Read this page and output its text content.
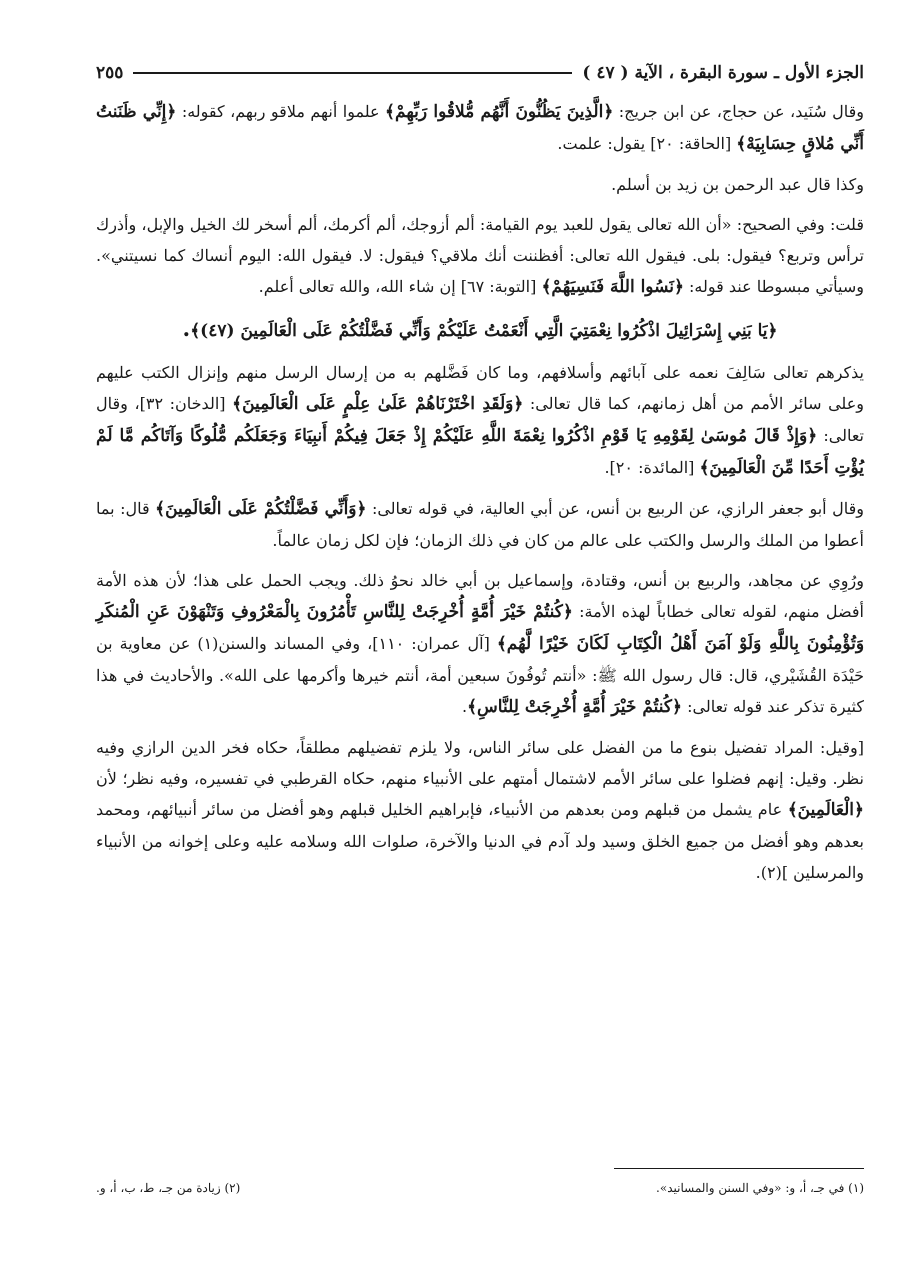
الجزء الأول ـ سورة البقرة ، الآية ( ٤٧ )
٢٥٥

وقال سُنَيد، عن حجاج، عن ابن جريج: ﴿الَّذِينَ يَظُنُّونَ أَنَّهُم مُّلاقُوا رَبِّهِمْ﴾ علموا أنهم ملاقو ربهم، كقوله: ﴿إِنِّي ظَنَنتُ أَنِّي مُلاقٍ حِسَابِيَهْ﴾ [الحاقة: ٢٠] يقول: علمت.

وكذا قال عبد الرحمن بن زيد بن أسلم.

قلت: وفي الصحيح: «أن الله تعالى يقول للعبد يوم القيامة: ألم أزوجك، ألم أكرمك، ألم أسخر لك الخيل والإبل، وأذرك ترأس وتربع؟ فيقول: بلى. فيقول الله تعالى: أفظننت أنك ملاقي؟ فيقول: لا. فيقول الله: اليوم أنساك كما نسيتني». وسيأتي مبسوطا عند قوله: ﴿نَسُوا اللَّهَ فَنَسِيَهُمْ﴾ [التوبة: ٦٧] إن شاء الله، والله تعالى أعلم.

﴿يَا بَنِي إِسْرَائِيلَ اذْكُرُوا نِعْمَتِيَ الَّتِي أَنْعَمْتُ عَلَيْكُمْ وَأَنِّي فَضَّلْتُكُمْ عَلَى الْعَالَمِينَ (٤٧)﴾.

يذكرهم تعالى سَالِفَ نعمه على آبائهم وأسلافهم، وما كان فَضَّلهم به من إرسال الرسل منهم وإنزال الكتب عليهم وعلى سائر الأمم من أهل زمانهم، كما قال تعالى: ﴿وَلَقَدِ اخْتَرْنَاهُمْ عَلَىٰ عِلْمٍ عَلَى الْعَالَمِينَ﴾ [الدخان: ٣٢]، وقال تعالى: ﴿وَإِذْ قَالَ مُوسَىٰ لِقَوْمِهِ يَا قَوْمِ اذْكُرُوا نِعْمَةَ اللَّهِ عَلَيْكُمْ إِذْ جَعَلَ فِيكُمْ أَنبِيَاءَ وَجَعَلَكُم مُّلُوكًا وَآتَاكُم مَّا لَمْ يُؤْتِ أَحَدًا مِّنَ الْعَالَمِينَ﴾ [المائدة: ٢٠].

وقال أبو جعفر الرازي، عن الربيع بن أنس، عن أبي العالية، في قوله تعالى: ﴿وَأَنِّي فَضَّلْتُكُمْ عَلَى الْعَالَمِينَ﴾ قال: بما أعطوا من الملك والرسل والكتب على عالم من كان في ذلك الزمان؛ فإن لكل زمان عالماً.

ورُوِي عن مجاهد، والربيع بن أنس، وقتادة، وإسماعيل بن أبي خالد نحوُ ذلك. ويجب الحمل على هذا؛ لأن هذه الأمة أفضل منهم، لقوله تعالى خطاباً لهذه الأمة: ﴿كُنتُمْ خَيْرَ أُمَّةٍ أُخْرِجَتْ لِلنَّاسِ تَأْمُرُونَ بِالْمَعْرُوفِ وَتَنْهَوْنَ عَنِ الْمُنكَرِ وَتُؤْمِنُونَ بِاللَّهِ وَلَوْ آمَنَ أَهْلُ الْكِتَابِ لَكَانَ خَيْرًا لَّهُم﴾ [آل عمران: ١١٠]، وفي المساند والسنن(١) عن معاوية بن حَيْدَة القُشَيْري، قال: قال رسول الله ﷺ: «أنتم تُوفُونَ سبعين أمة، أنتم خيرها وأكرمها على الله». والأحاديث في هذا كثيرة تذكر عند قوله تعالى: ﴿كُنتُمْ خَيْرَ أُمَّةٍ أُخْرِجَتْ لِلنَّاسِ﴾.

[وقيل: المراد تفضيل بنوع ما من الفضل على سائر الناس، ولا يلزم تفضيلهم مطلقاً، حكاه فخر الدين الرازي وفيه نظر. وقيل: إنهم فضلوا على سائر الأمم لاشتمال أمتهم على الأنبياء منهم، حكاه القرطبي في تفسيره، وفيه نظر؛ لأن ﴿الْعَالَمِينَ﴾ عام يشمل من قبلهم ومن بعدهم من الأنبياء، فإبراهيم الخليل قبلهم وهو أفضل من سائر أنبيائهم، ومحمد بعدهم وهو أفضل من جميع الخلق وسيد ولد آدم في الدنيا والآخرة، صلوات الله وسلامه عليه وعلى إخوانه من الأنبياء والمرسلين ](٢).

(١) في جـ، أ، و: «وفي السنن والمسانيد».
(٢) زيادة من جـ، ط، ب، أ، و.
